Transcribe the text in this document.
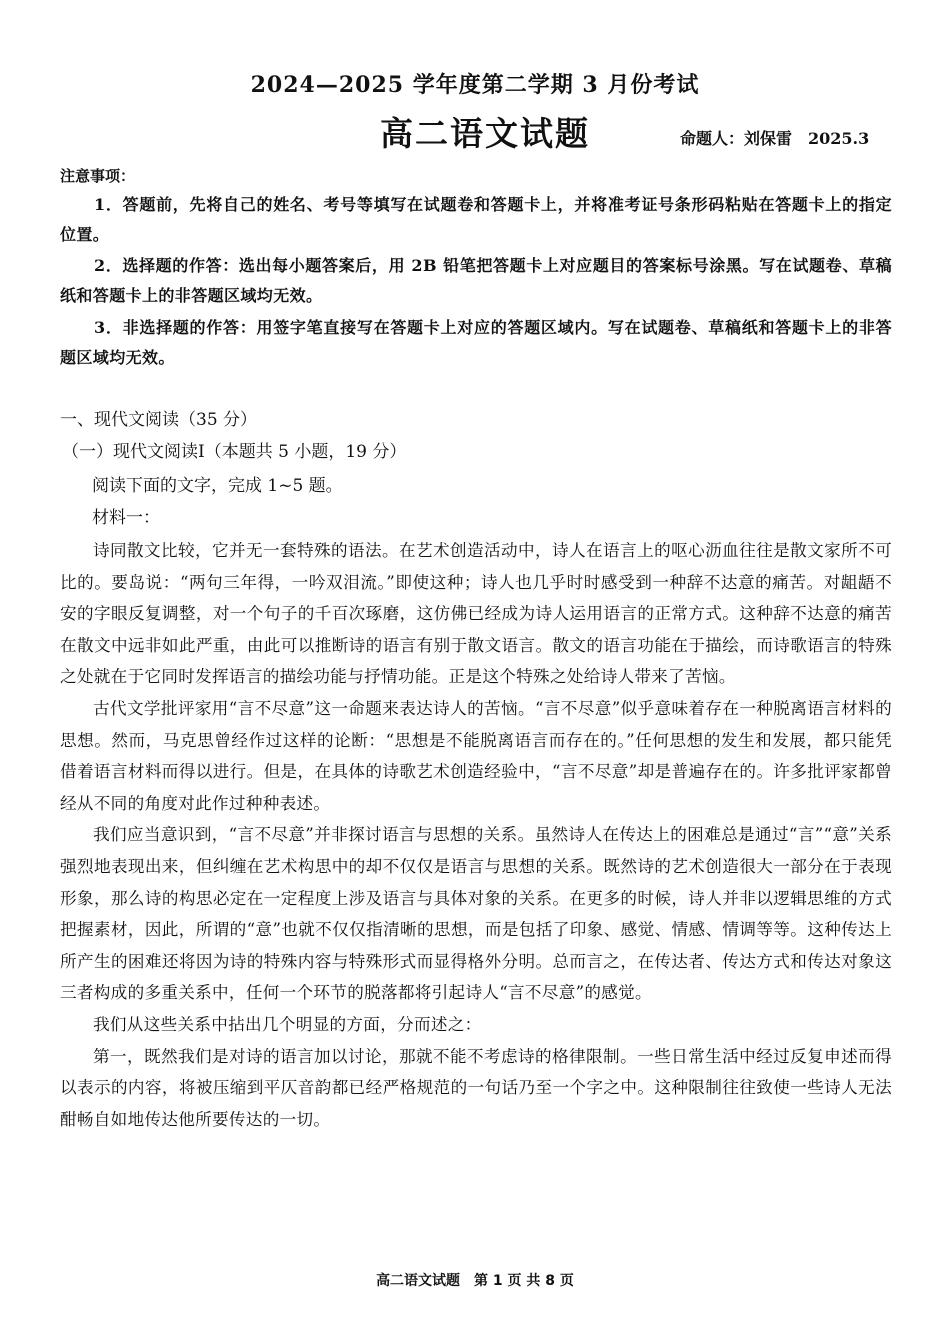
2024—2025 学年度第二学期 3 月份考试
高二语文试题	命题人：刘保雷 2025.3
注意事项：
1．答题前，先将自己的姓名、考号等填写在试题卷和答题卡上，并将准考证号条形码粘贴在答题卡上的指定位置。
2．选择题的作答：选出每小题答案后，用 2B 铅笔把答题卡上对应题目的答案标号涂黑。写在试题卷、草稿纸和答题卡上的非答题区域均无效。
3．非选择题的作答：用签字笔直接写在答题卡上对应的答题区域内。写在试题卷、草稿纸和答题卡上的非答题区域均无效。
一、现代文阅读（35 分）
（一）现代文阅读Ⅰ（本题共 5 小题，19 分）
阅读下面的文字，完成 1~5 题。
材料一：

诗同散文比较，它并无一套特殊的语法。在艺术创造活动中，诗人在语言上的呕心沥血往往是散文家所不可比的。要岛说：“两句三年得，一吟双泪流。”即使这种；诗人也几乎时时感受到一种辞不达意的痛苦。对龃龉不安的字眼反复调整，对一个句子的千百次琢磨，这仿佛已经成为诗人运用语言的正常方式。这种辞不达意的痛苦在散文中远非如此严重，由此可以推断诗的语言有别于散文语言。散文的语言功能在于描绘，而诗歌语言的特殊之处就在于它同时发挥语言的描绘功能与抒情功能。正是这个特殊之处给诗人带来了苦恼。

古代文学批评家用“言不尽意”这一命题来表达诗人的苦恼。“言不尽意”似乎意味着存在一种脱离语言材料的思想。然而，马克思曾经作过这样的论断：“思想是不能脱离语言而存在的。”任何思想的发生和发展，都只能凭借着语言材料而得以进行。但是，在具体的诗歌艺术创造经验中，“言不尽意”却是普遍存在的。许多批评家都曾经从不同的角度对此作过种种表述。

我们应当意识到，“言不尽意”并非探讨语言与思想的关系。虽然诗人在传达上的困难总是通过“言”“意”关系强烈地表现出来，但纠缠在艺术构思中的却不仅仅是语言与思想的关系。既然诗的艺术创造很大一部分在于表现形象，那么诗的构思必定在一定程度上涉及语言与具体对象的关系。在更多的时候，诗人并非以逻辑思维的方式把握素材，因此，所谓的“意”也就不仅仅指清晰的思想，而是包括了印象、感觉、情感、情调等等。这种传达上所产生的困难还将因为诗的特殊内容与特殊形式而显得格外分明。总而言之，在传达者、传达方式和传达对象这三者构成的多重关系中，任何一个环节的脱落都将引起诗人“言不尽意”的感觉。

我们从这些关系中拈出几个明显的方面，分而述之：

第一，既然我们是对诗的语言加以讨论，那就不能不考虑诗的格律限制。一些日常生活中经过反复申述而得以表示的内容，将被压缩到平仄音韵都已经严格规范的一句话乃至一个字之中。这种限制往往致使一些诗人无法酣畅自如地传达他所要传达的一切。

高二语文试题　第 1 页 共 8 页
